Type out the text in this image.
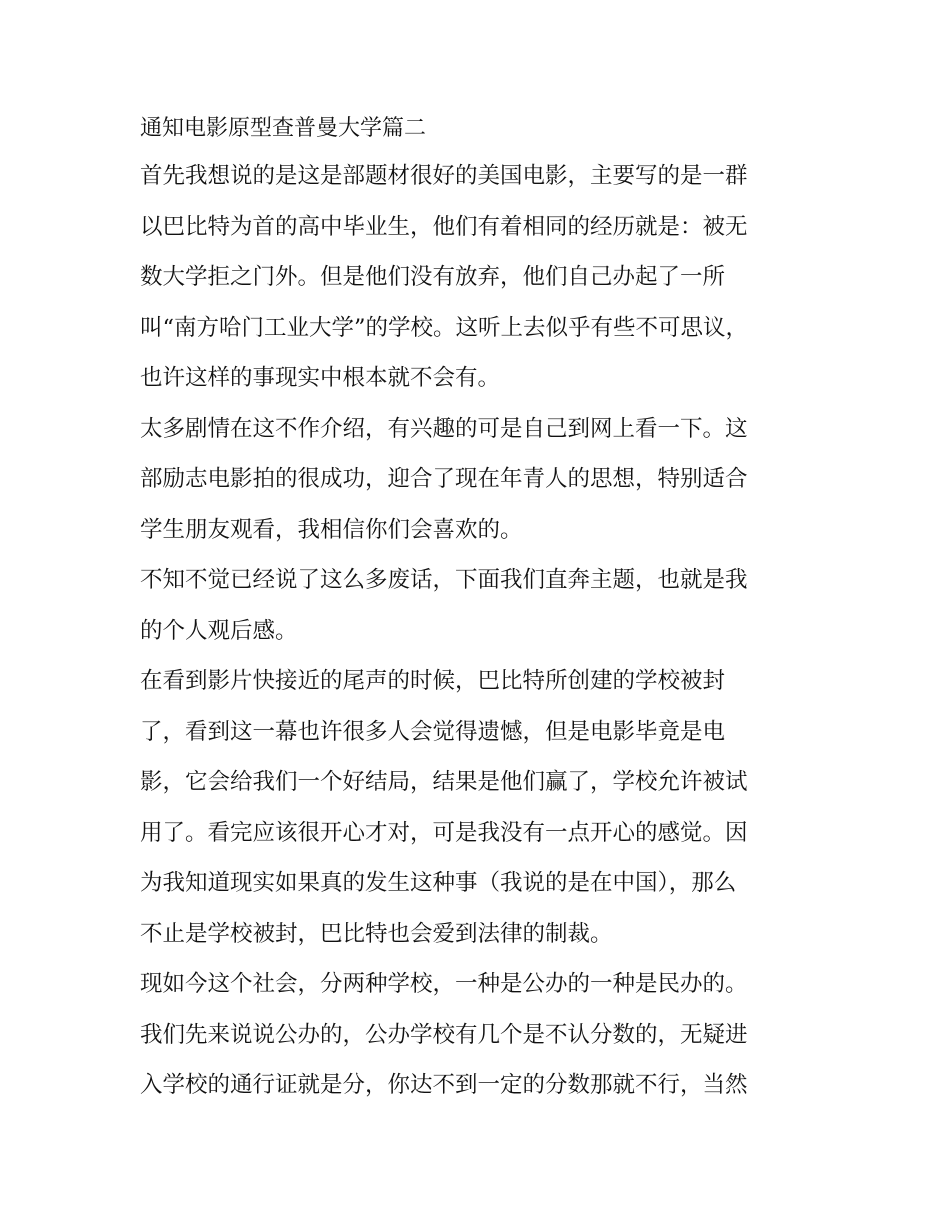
通知电影原型查普曼大学篇二

首先我想说的是这是部题材很好的美国电影，主要写的是一群

以巴比特为首的高中毕业生，他们有着相同的经历就是：被无

数大学拒之门外。但是他们没有放弃，他们自己办起了一所

叫“南方哈门工业大学”的学校。这听上去似乎有些不可思议，

也许这样的事现实中根本就不会有。

太多剧情在这不作介绍，有兴趣的可是自己到网上看一下。这

部励志电影拍的很成功，迎合了现在年青人的思想，特别适合

学生朋友观看，我相信你们会喜欢的。

不知不觉已经说了这么多废话，下面我们直奔主题，也就是我

的个人观后感。

在看到影片快接近的尾声的时候，巴比特所创建的学校被封

了，看到这一幕也许很多人会觉得遗憾，但是电影毕竟是电

影，它会给我们一个好结局，结果是他们赢了，学校允许被试

用了。看完应该很开心才对，可是我没有一点开心的感觉。因

为我知道现实如果真的发生这种事（我说的是在中国），那么

不止是学校被封，巴比特也会爱到法律的制裁。

现如今这个社会，分两种学校，一种是公办的一种是民办的。

我们先来说说公办的，公办学校有几个是不认分数的，无疑进

入学校的通行证就是分，你达不到一定的分数那就不行，当然
